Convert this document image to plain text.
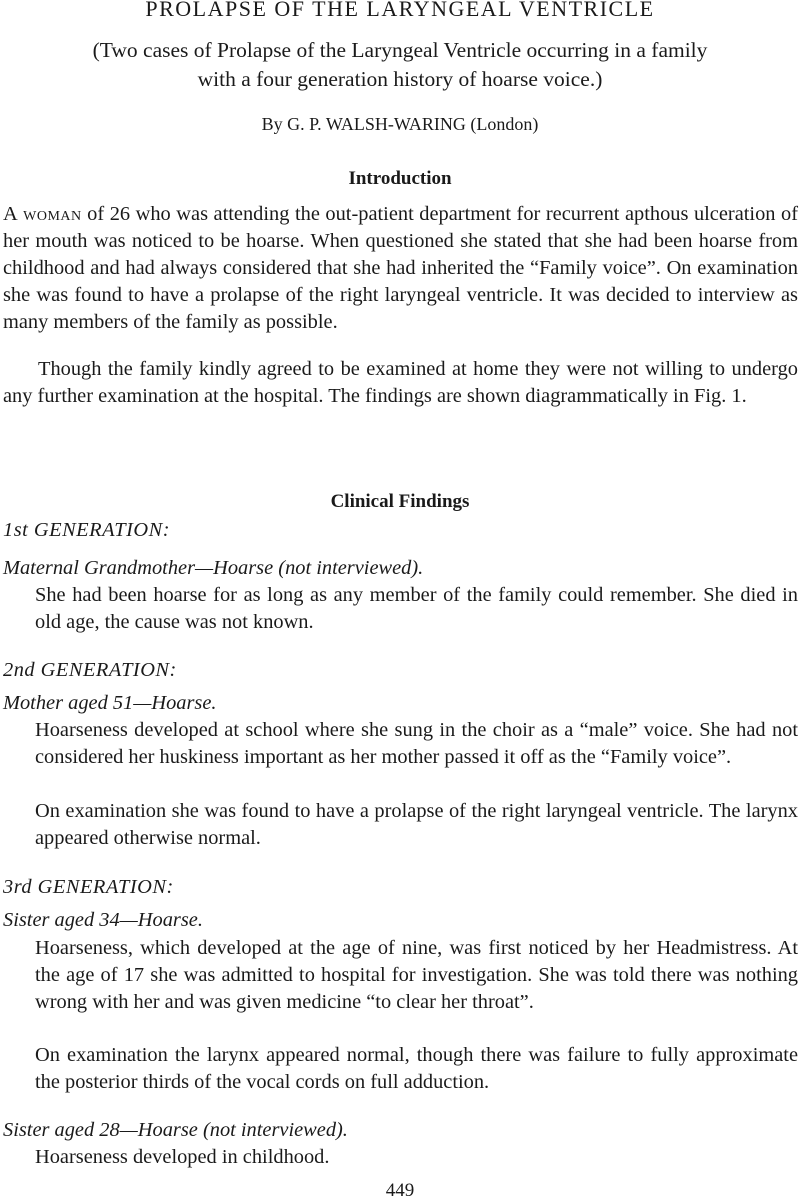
PROLAPSE OF THE LARYNGEAL VENTRICLE
(Two cases of Prolapse of the Laryngeal Ventricle occurring in a family
with a four generation history of hoarse voice.)
By G. P. WALSH-WARING (London)
Introduction

A woman of 26 who was attending the out-patient department for recurrent apthous ulceration of her mouth was noticed to be hoarse. When questioned she stated that she had been hoarse from childhood and had always considered that she had inherited the “Family voice”. On examination she was found to have a prolapse of the right laryngeal ventricle. It was decided to interview as many members of the family as possible.

Though the family kindly agreed to be examined at home they were not willing to undergo any further examination at the hospital. The findings are shown diagrammatically in Fig. 1.

Clinical Findings
1st GENERATION:
Maternal Grandmother—Hoarse (not interviewed).

She had been hoarse for as long as any member of the family could remember. She died in old age, the cause was not known.

2nd GENERATION:
Mother aged 51—Hoarse.

Hoarseness developed at school where she sung in the choir as a “male” voice. She had not considered her huskiness important as her mother passed it off as the “Family voice”.

On examination she was found to have a prolapse of the right laryngeal ventricle. The larynx appeared otherwise normal.

3rd GENERATION:
Sister aged 34—Hoarse.

Hoarseness, which developed at the age of nine, was first noticed by her Headmistress. At the age of 17 she was admitted to hospital for investigation. She was told there was nothing wrong with her and was given medicine “to clear her throat”.

On examination the larynx appeared normal, though there was failure to fully approximate the posterior thirds of the vocal cords on full adduction.

Sister aged 28—Hoarse (not interviewed).

Hoarseness developed in childhood.

449
